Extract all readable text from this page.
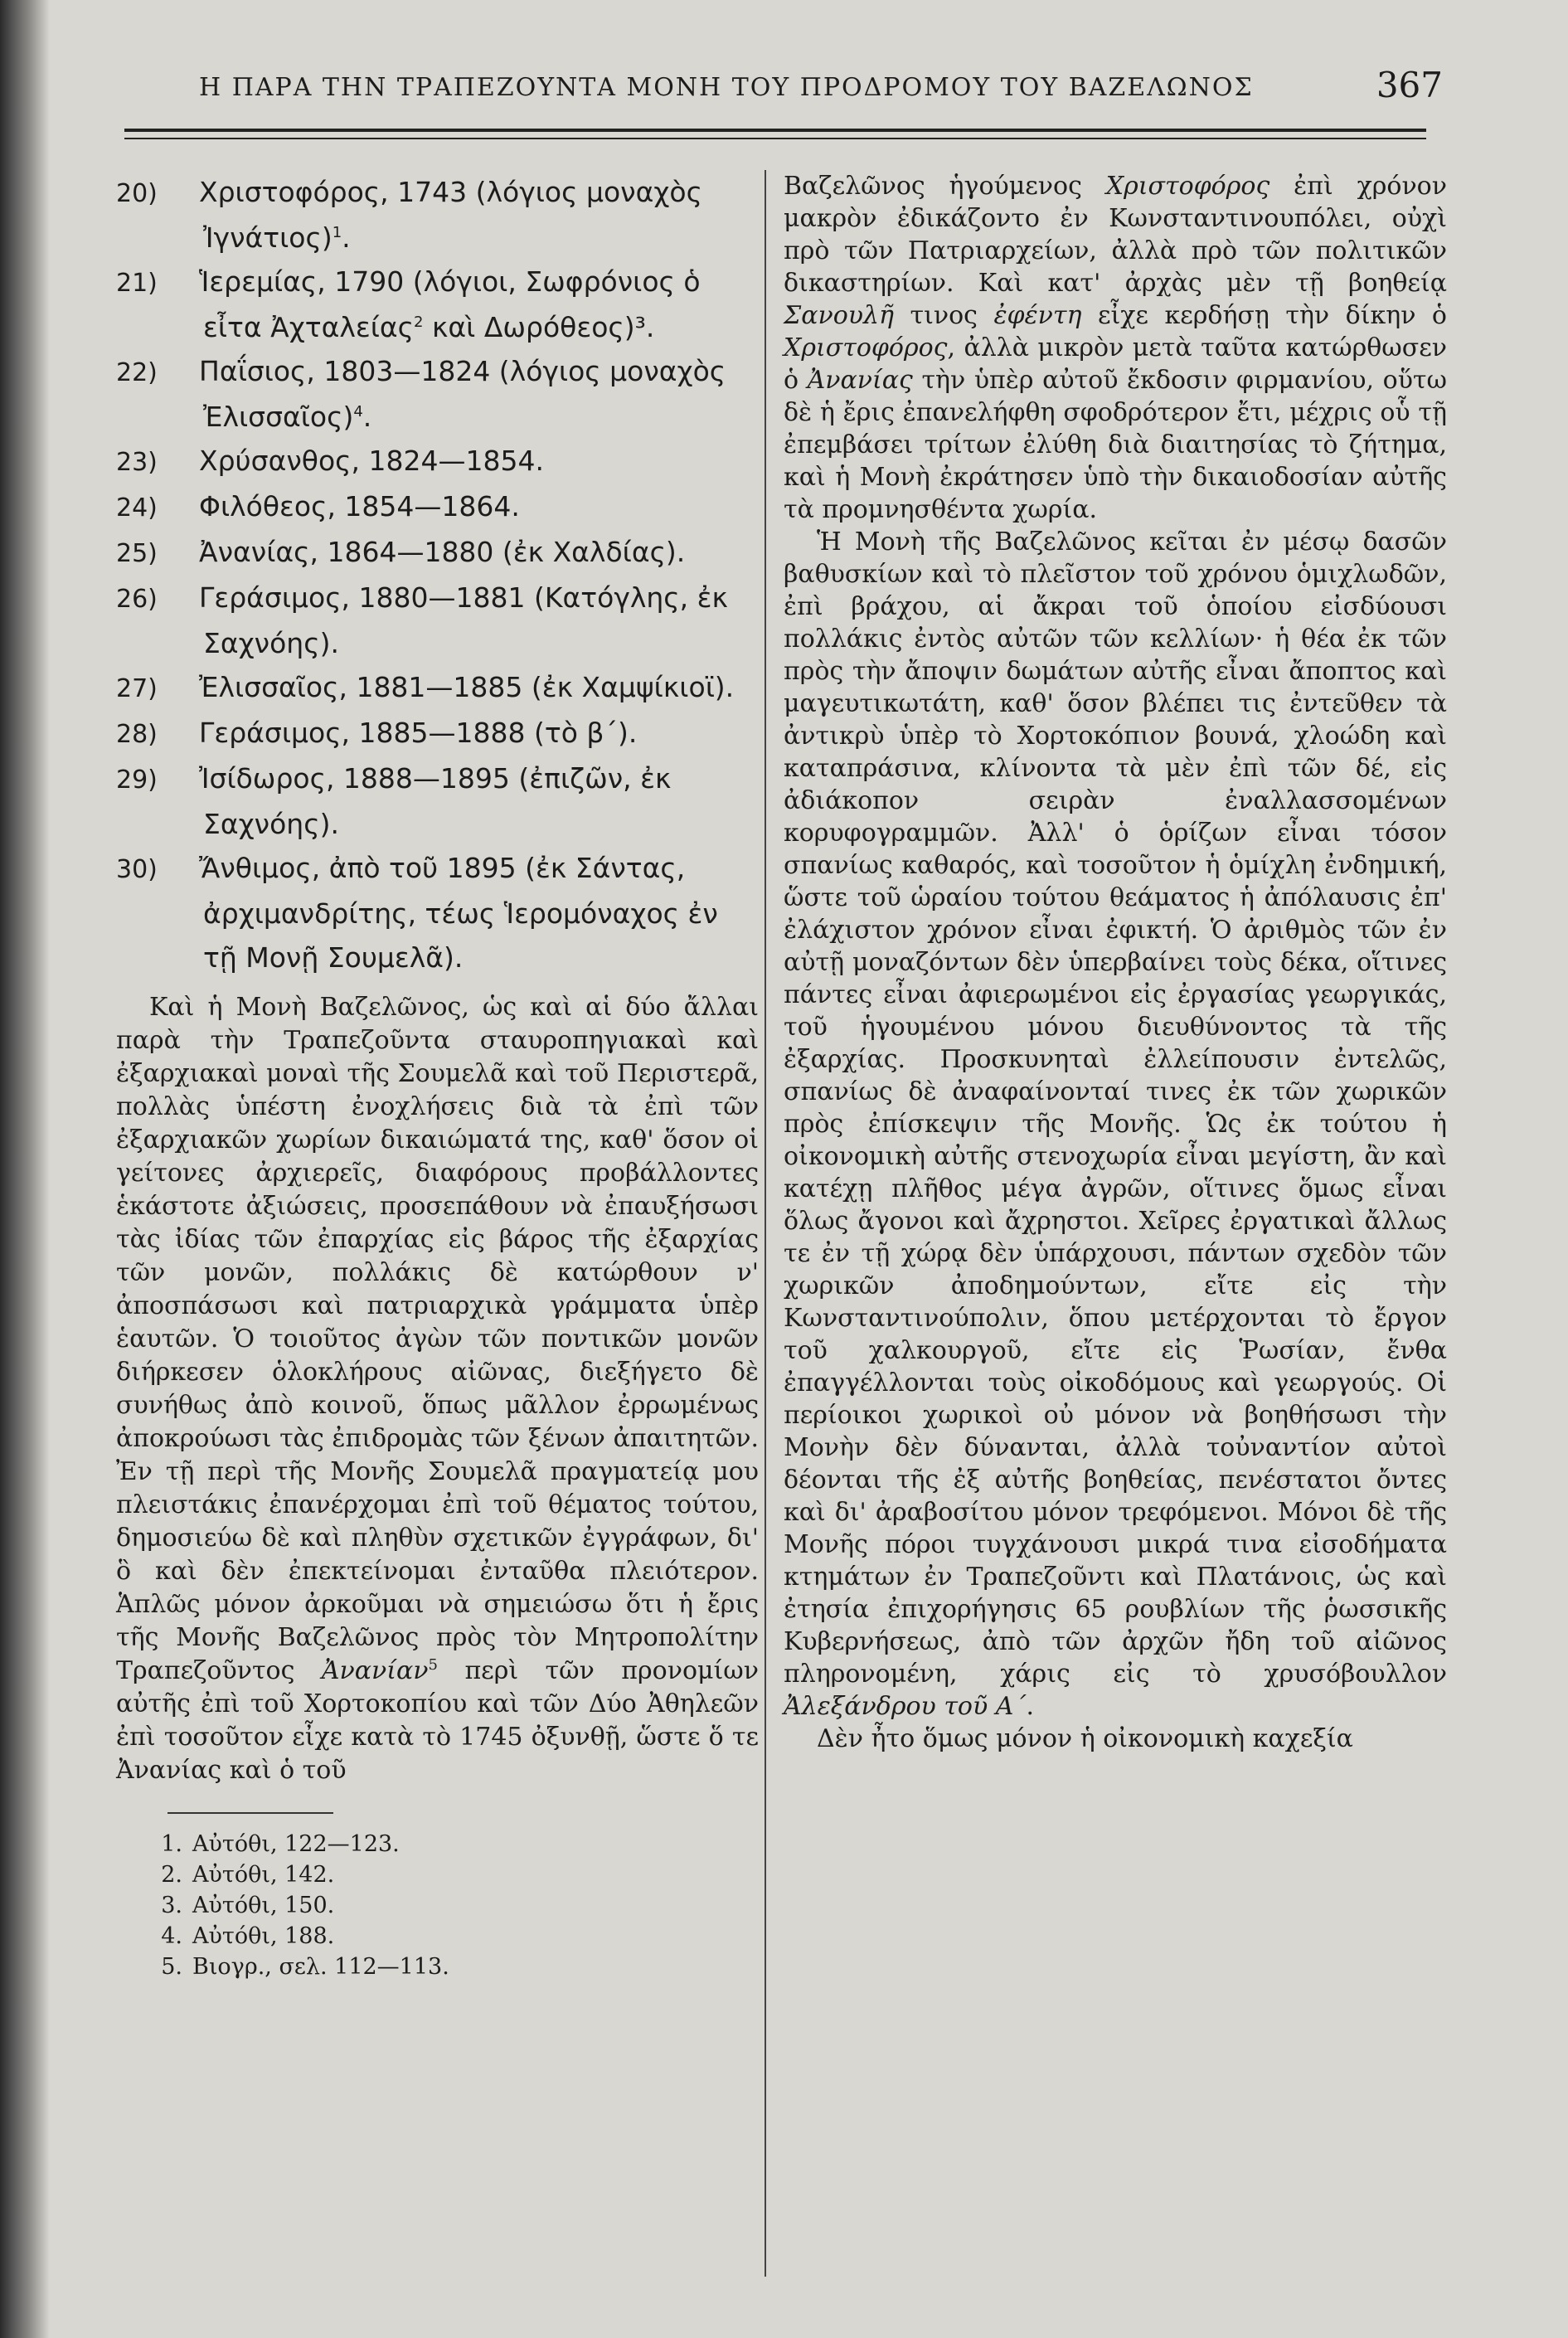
Η ΠΑΡΑ ΤΗΝ ΤΡΑΠΕΖΟΥΝΤΑ ΜΟΝΗ ΤΟΥ ΠΡΟΔΡΟΜΟΥ ΤΟΥ ΒΑΖΕΛΩΝΟΣ	367
20) Χριστοφόρος, 1743 (λόγιος μοναχὸς Ἰγνάτιος)$^1$.
21) Ἱερεμίας, 1790 (λόγιοι, Σωφρόνιος ὁ εἶτα Ἀχταλείας$^2$ καὶ Δωρόθεος)³.
22) Παΐσιος, 1803—1824 (λόγιος μοναχὸς Ἐλισσαῖος)$^4$.
23) Χρύσανθος, 1824—1854.
24) Φιλόθεος, 1854—1864.
25) Ἀνανίας, 1864—1880 (ἐκ Χαλδίας).
26) Γεράσιμος, 1880—1881 (Κατόγλης, ἐκ Σαχνόης).
27) Ἐλισσαῖος, 1881—1885 (ἐκ Χαμψίκιοϊ).
28) Γεράσιμος, 1885—1888 (τὸ β΄).
29) Ἰσίδωρος, 1888—1895 (ἐπιζῶν, ἐκ Σαχνόης).
30) Ἄνθιμος, ἀπὸ τοῦ 1895 (ἐκ Σάντας, ἀρχιμανδρίτης, τέως Ἱερομόναχος ἐν τῇ Μονῇ Σουμελᾶ).

Καὶ ἡ Μονὴ Βαζελῶνος, ὡς καὶ αἱ δύο ἄλλαι παρὰ τὴν Τραπεζοῦντα σταυροπηγιακαὶ καὶ ἐξαρχιακαὶ μοναὶ τῆς Σουμελᾶ καὶ τοῦ Περιστερᾶ, πολλὰς ὑπέστη ἐνοχλήσεις διὰ τὰ ἐπὶ τῶν ἐξαρχιακῶν χωρίων δικαιώματά της, καθ' ὅσον οἱ γείτονες ἀρχιερεῖς, διαφόρους προβάλλοντες ἑκάστοτε ἀξιώσεις, προσεπάθουν νὰ ἐπαυξήσωσι τὰς ἰδίας τῶν ἐπαρχίας εἰς βάρος τῆς ἐξαρχίας τῶν μονῶν, πολλάκις δὲ κατώρθουν ν' ἀποσπάσωσι καὶ πατριαρχικὰ γράμματα ὑπὲρ ἑαυτῶν. Ὁ τοιοῦτος ἀγὼν τῶν ποντικῶν μονῶν διήρκεσεν ὁλοκλήρους αἰῶνας, διεξήγετο δὲ συνήθως ἀπὸ κοινοῦ, ὅπως μᾶλλον ἐρρωμένως ἀποκρούωσι τὰς ἐπιδρομὰς τῶν ξένων ἀπαιτητῶν. Ἐν τῇ περὶ τῆς Μονῆς Σουμελᾶ πραγματείᾳ μου πλειστάκις ἐπανέρχομαι ἐπὶ τοῦ θέματος τούτου, δημοσιεύω δὲ καὶ πληθὺν σχετικῶν ἐγγράφων, δι' ὃ καὶ δὲν ἐπεκτείνομαι ἐνταῦθα πλειότερον. Ἁπλῶς μόνον ἀρκοῦμαι νὰ σημειώσω ὅτι ἡ ἔρις τῆς Μονῆς Βαζελῶνος πρὸς τὸν Μητροπολίτην Τραπεζοῦντος Ἀνανίαν$^5$ περὶ τῶν προνομίων αὐτῆς ἐπὶ τοῦ Χορτοκοπίου καὶ τῶν Δύο Ἀθηλεῶν ἐπὶ τοσοῦτον εἶχε κατὰ τὸ 1745 ὀξυνθῇ, ὥστε ὅ τε Ἀνανίας καὶ ὁ τοῦ

1. Αὐτόθι, 122—123.
2. Αὐτόθι, 142.
3. Αὐτόθι, 150.
4. Αὐτόθι, 188.
5. Βιογρ., σελ. 112—113.

Βαζελῶνος ἡγούμενος Χριστοφόρος ἐπὶ χρόνον μακρὸν ἐδικάζοντο ἐν Κωνσταντινουπόλει, οὐχὶ πρὸ τῶν Πατριαρχείων, ἀλλὰ πρὸ τῶν πολιτικῶν δικαστηρίων. Καὶ κατ' ἀρχὰς μὲν τῇ βοηθείᾳ Σανουλῆ τινος ἐφέντη εἶχε κερδήσῃ τὴν δίκην ὁ Χριστοφόρος, ἀλλὰ μικρὸν μετὰ ταῦτα κατώρθωσεν ὁ Ἀνανίας τὴν ὑπὲρ αὐτοῦ ἔκδοσιν φιρμανίου, οὕτω δὲ ἡ ἔρις ἐπανελήφθη σφοδρότερον ἔτι, μέχρις οὗ τῇ ἐπεμβάσει τρίτων ἐλύθη διὰ διαιτησίας τὸ ζήτημα, καὶ ἡ Μονὴ ἐκράτησεν ὑπὸ τὴν δικαιοδοσίαν αὐτῆς τὰ προμνησθέντα χωρία.

Ἡ Μονὴ τῆς Βαζελῶνος κεῖται ἐν μέσῳ δασῶν βαθυσκίων καὶ τὸ πλεῖστον τοῦ χρόνου ὁμιχλωδῶν, ἐπὶ βράχου, αἱ ἄκραι τοῦ ὁποίου εἰσδύουσι πολλάκις ἐντὸς αὐτῶν τῶν κελλίων· ἡ θέα ἐκ τῶν πρὸς τὴν ἄποψιν δωμάτων αὐτῆς εἶναι ἄποπτος καὶ μαγευτικωτάτη, καθ' ὅσον βλέπει τις ἐντεῦθεν τὰ ἀντικρὺ ὑπὲρ τὸ Χορτοκόπιον βουνά, χλοώδη καὶ καταπράσινα, κλίνοντα τὰ μὲν ἐπὶ τῶν δέ, εἰς ἀδιάκοπον σειρὰν ἐναλλασσομένων κορυφογραμμῶν. Ἀλλ' ὁ ὁρίζων εἶναι τόσον σπανίως καθαρός, καὶ τοσοῦτον ἡ ὁμίχλη ἐνδημική, ὥστε τοῦ ὡραίου τούτου θεάματος ἡ ἀπόλαυσις ἐπ' ἐλάχιστον χρόνον εἶναι ἐφικτή. Ὁ ἀριθμὸς τῶν ἐν αὐτῇ μοναζόντων δὲν ὑπερβαίνει τοὺς δέκα, οἵτινες πάντες εἶναι ἀφιερωμένοι εἰς ἐργασίας γεωργικάς, τοῦ ἡγουμένου μόνου διευθύνοντος τὰ τῆς ἐξαρχίας. Προσκυνηταὶ ἐλλείπουσιν ἐντελῶς, σπανίως δὲ ἀναφαίνονταί τινες ἐκ τῶν χωρικῶν πρὸς ἐπίσκεψιν τῆς Μονῆς. Ὡς ἐκ τούτου ἡ οἰκονομικὴ αὐτῆς στενοχωρία εἶναι μεγίστη, ἂν καὶ κατέχῃ πλῆθος μέγα ἀγρῶν, οἵτινες ὅμως εἶναι ὅλως ἄγονοι καὶ ἄχρηστοι. Χεῖρες ἐργατικαὶ ἄλλως τε ἐν τῇ χώρᾳ δὲν ὑπάρχουσι, πάντων σχεδὸν τῶν χωρικῶν ἀποδημούντων, εἴτε εἰς τὴν Κωνσταντινούπολιν, ὅπου μετέρχονται τὸ ἔργον τοῦ χαλκουργοῦ, εἴτε εἰς Ῥωσίαν, ἔνθα ἐπαγγέλλονται τοὺς οἰκοδόμους καὶ γεωργούς. Οἱ περίοικοι χωρικοὶ οὐ μόνον νὰ βοηθήσωσι τὴν Μονὴν δὲν δύνανται, ἀλλὰ τοὐναντίον αὐτοὶ δέονται τῆς ἐξ αὐτῆς βοηθείας, πενέστατοι ὄντες καὶ δι' ἀραβοσίτου μόνον τρεφόμενοι. Μόνοι δὲ τῆς Μονῆς πόροι τυγχάνουσι μικρά τινα εἰσοδήματα κτημάτων ἐν Τραπεζοῦντι καὶ Πλατάνοις, ὡς καὶ ἐτησία ἐπιχορήγησις 65 ρουβλίων τῆς ῥωσσικῆς Κυβερνήσεως, ἀπὸ τῶν ἀρχῶν ἤδη τοῦ αἰῶνος πληρονομένη, χάρις εἰς τὸ χρυσόβουλλον Ἀλεξάνδρου τοῦ Α΄.

Δὲν ἦτο ὅμως μόνον ἡ οἰκονομικὴ καχεξία
